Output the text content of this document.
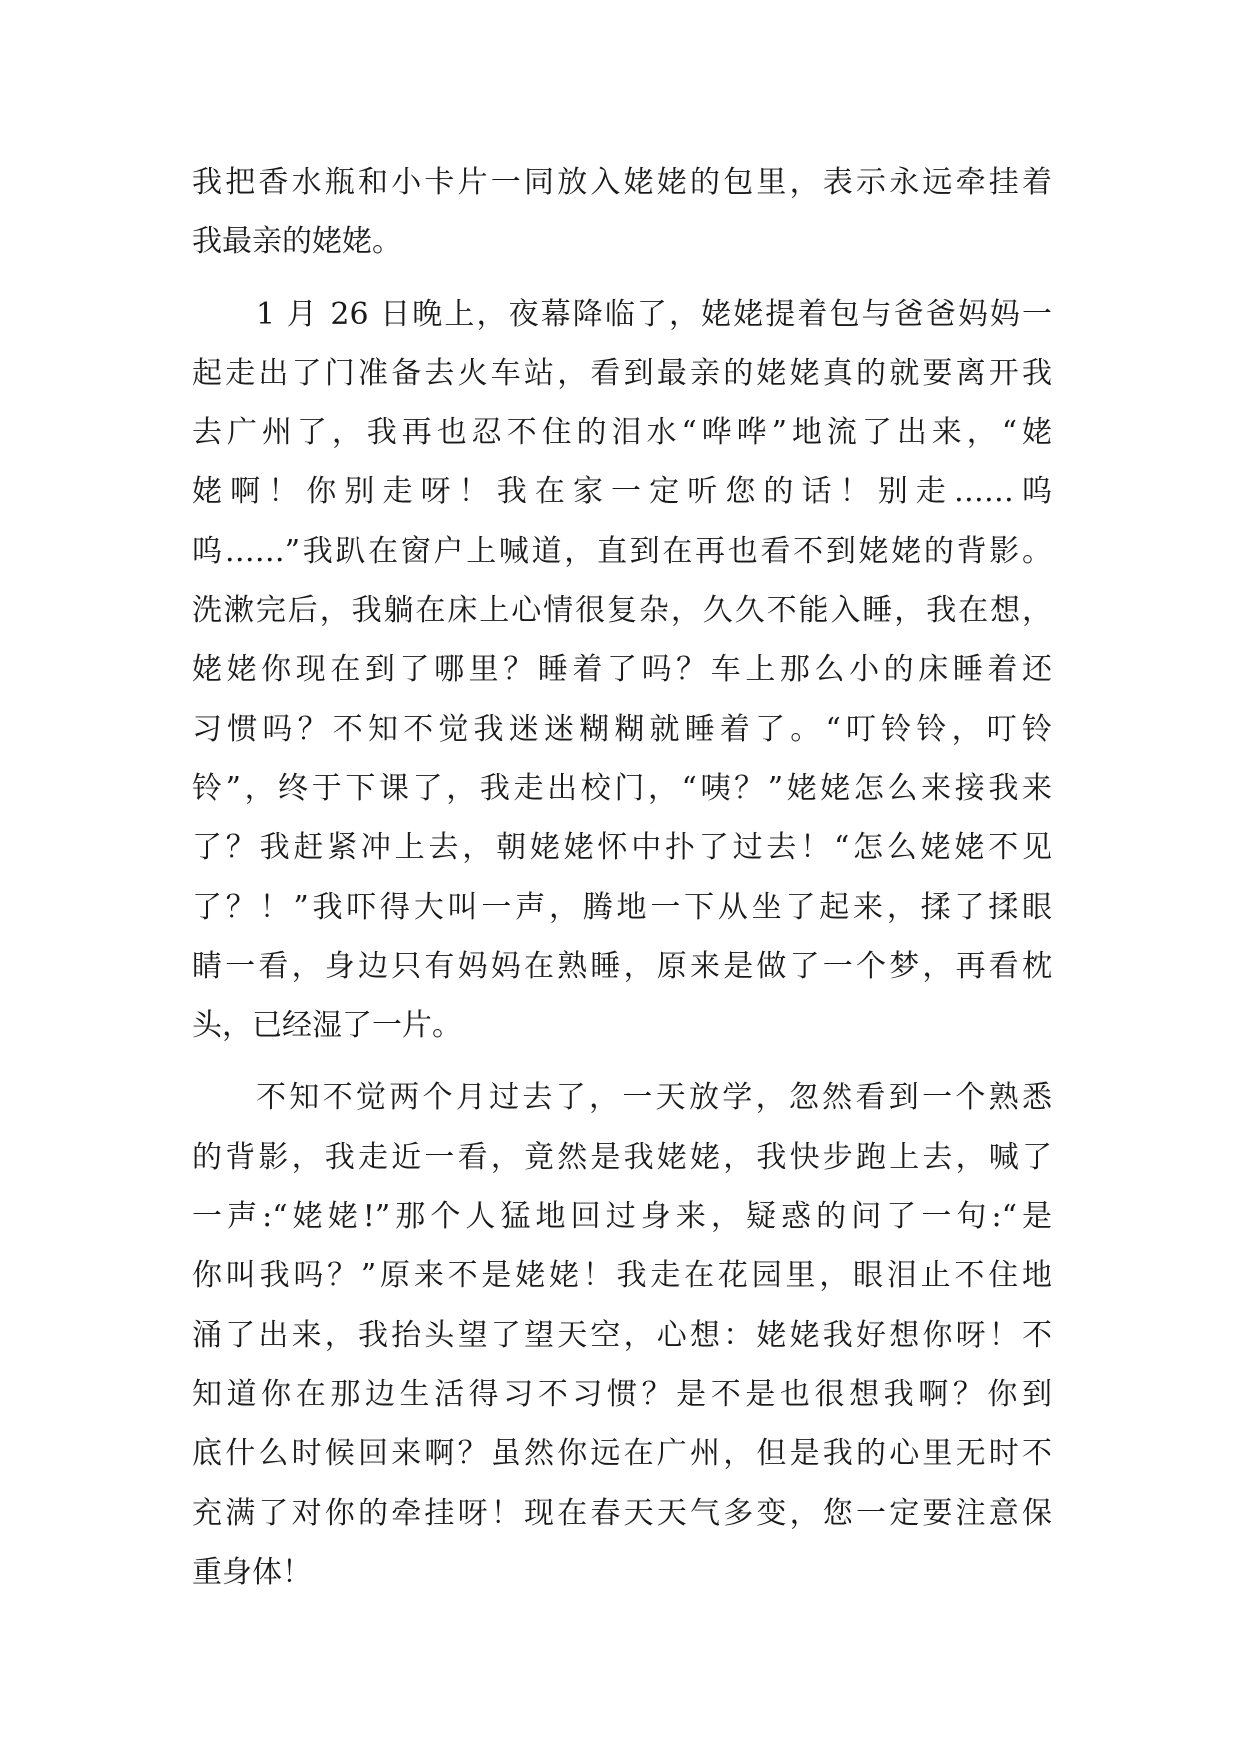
我把香水瓶和小卡片一同放入姥姥的包里，表示永远牵挂着
我最亲的姥姥。
1 月 26 日晚上，夜幕降临了，姥姥提着包与爸爸妈妈一
起走出了门准备去火车站，看到最亲的姥姥真的就要离开我
去广州了，我再也忍不住的泪水“哗哗”地流了出来，“姥
姥啊！你别走呀！我在家一定听您的话！别走……呜
呜……”我趴在窗户上喊道，直到在再也看不到姥姥的背影。
洗漱完后，我躺在床上心情很复杂，久久不能入睡，我在想，
姥姥你现在到了哪里？睡着了吗？车上那么小的床睡着还
习惯吗？不知不觉我迷迷糊糊就睡着了。“叮铃铃，叮铃
铃”，终于下课了，我走出校门，“咦？”姥姥怎么来接我来
了？我赶紧冲上去，朝姥姥怀中扑了过去！“怎么姥姥不见
了？！”我吓得大叫一声，腾地一下从坐了起来，揉了揉眼
睛一看，身边只有妈妈在熟睡，原来是做了一个梦，再看枕
头，已经湿了一片。
不知不觉两个月过去了，一天放学，忽然看到一个熟悉
的背影，我走近一看，竟然是我姥姥，我快步跑上去，喊了
一声:“姥姥!”那个人猛地回过身来，疑惑的问了一句:“是
你叫我吗？”原来不是姥姥！我走在花园里，眼泪止不住地
涌了出来，我抬头望了望天空，心想：姥姥我好想你呀！不
知道你在那边生活得习不习惯？是不是也很想我啊？你到
底什么时候回来啊？虽然你远在广州，但是我的心里无时不
充满了对你的牵挂呀！现在春天天气多变，您一定要注意保
重身体！
